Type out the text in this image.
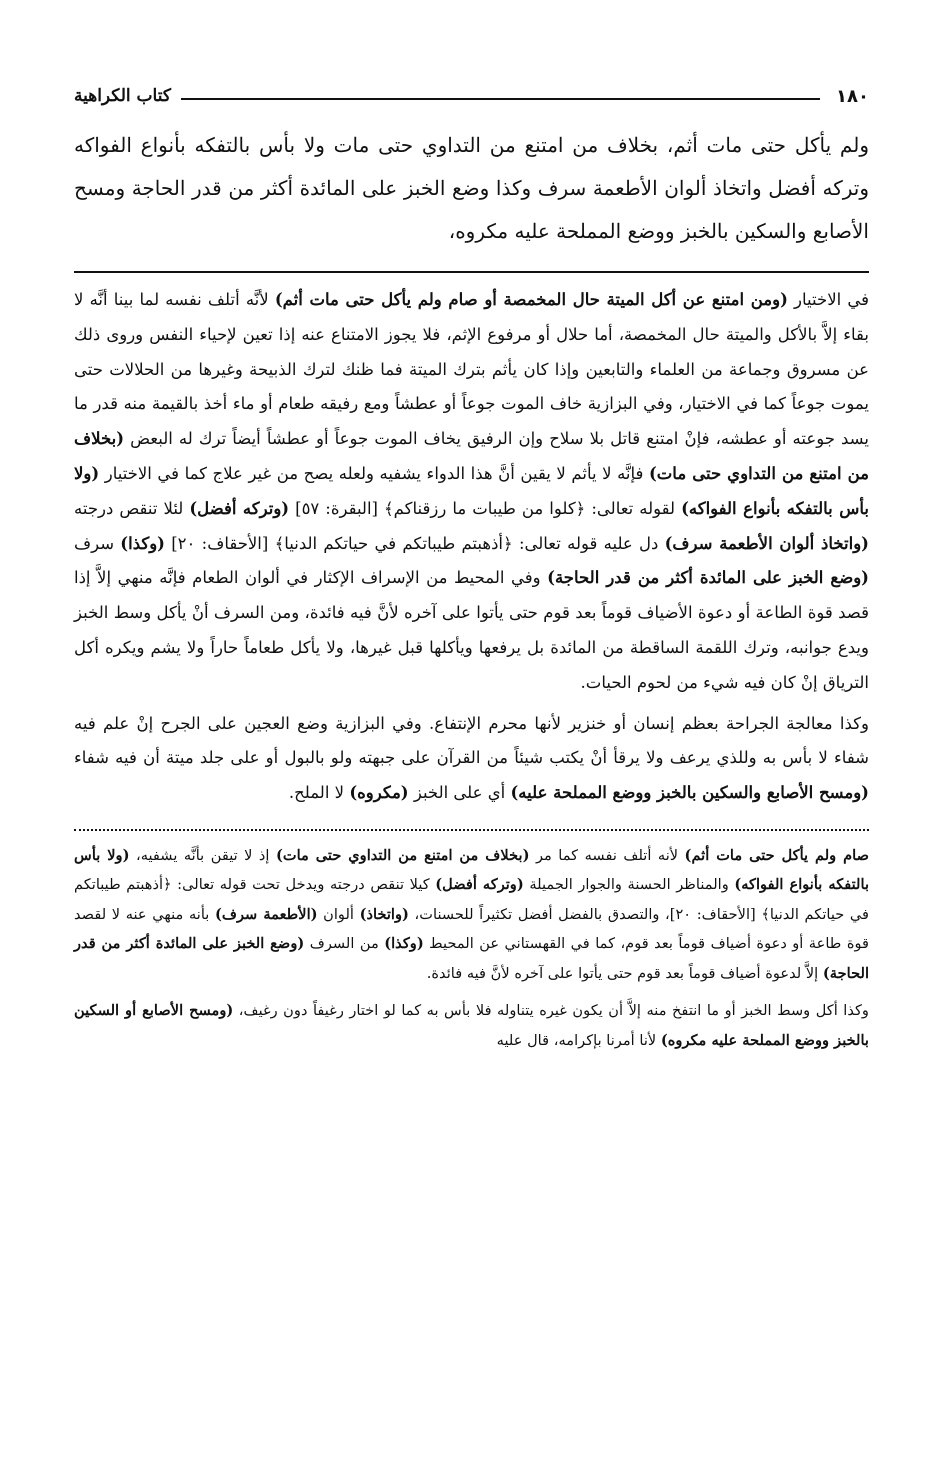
١٨٠
كتاب الكراهية

ولم يأكل حتى مات أثم، بخلاف من امتنع من التداوي حتى مات ولا بأس بالتفكه بأنواع الفواكه وتركه أفضل واتخاذ ألوان الأطعمة سرف وكذا وضع الخبز على المائدة أكثر من قدر الحاجة ومسح الأصابع والسكين بالخبز ووضع المملحة عليه مكروه،

في الاختيار (ومن امتنع عن أكل الميتة حال المخمصة أو صام ولم يأكل حتى مات أثم) لأنَّه أتلف نفسه لما بينا أنَّه لا بقاء إلاَّ بالأكل والميتة حال المخمصة، أما حلال أو مرفوع الإثم، فلا يجوز الامتناع عنه إذا تعين لإحياء النفس وروى ذلك عن مسروق وجماعة من العلماء والتابعين وإذا كان يأثم بترك الميتة فما ظنك لترك الذبيحة وغيرها من الحلالات حتى يموت جوعاً كما في الاختيار، وفي البزازية خاف الموت جوعاً أو عطشاً ومع رفيقه طعام أو ماء أخذ بالقيمة منه قدر ما يسد جوعته أو عطشه، فإنْ امتنع قاتل بلا سلاح وإن الرفيق يخاف الموت جوعاً أو عطشاً أيضاً ترك له البعض (بخلاف من امتنع من التداوي حتى مات) فإنَّه لا يأثم لا يقين أنَّ هذا الدواء يشفيه ولعله يصح من غير علاج كما في الاختيار (ولا بأس بالتفكه بأنواع الفواكه) لقوله تعالى: ﴿كلوا من طيبات ما رزقناكم﴾ [البقرة: ٥٧] (وتركه أفضل) لئلا تنقص درجته (واتخاذ ألوان الأطعمة سرف) دل عليه قوله تعالى: ﴿أذهبتم طيباتكم في حياتكم الدنيا﴾ [الأحقاف: ٢٠] (وكذا) سرف (وضع الخبز على المائدة أكثر من قدر الحاجة) وفي المحيط من الإسراف الإكثار في ألوان الطعام فإنَّه منهي إلاَّ إذا قصد قوة الطاعة أو دعوة الأضياف قوماً بعد قوم حتى يأتوا على آخره لأنَّ فيه فائدة، ومن السرف أنْ يأكل وسط الخبز ويدع جوانبه، وترك اللقمة الساقطة من المائدة بل يرفعها ويأكلها قبل غيرها، ولا يأكل طعاماً حاراً ولا يشم ويكره أكل الترياق إنْ كان فيه شيء من لحوم الحيات.

وكذا معالجة الجراحة بعظم إنسان أو خنزير لأنها محرم الإنتفاع. وفي البزازية وضع العجين على الجرح إنْ علم فيه شفاء لا بأس به وللذي يرعف ولا يرقأ أنْ يكتب شيئاً من القرآن على جبهته ولو بالبول أو على جلد ميتة أن فيه شفاء (ومسح الأصابع والسكين بالخبز ووضع المملحة عليه) أي على الخبز (مكروه) لا الملح.

صام ولم يأكل حتى مات أثم) لأنه أتلف نفسه كما مر (بخلاف من امتنع من التداوي حتى مات) إذ لا تيقن بأنَّه يشفيه، (ولا بأس بالتفكه بأنواع الفواكه) والمناظر الحسنة والجوار الجميلة (وتركه أفضل) كيلا تنقص درجته ويدخل تحت قوله تعالى: ﴿أذهبتم طيباتكم في حياتكم الدنيا﴾ [الأحقاف: ٢٠]، والتصدق بالفضل أفضل تكثيراً للحسنات، (واتخاذ) ألوان (الأطعمة سرف) بأنه منهي عنه لا لقصد قوة طاعة أو دعوة أضياف قوماً بعد قوم، كما في القهستاني عن المحيط (وكذا) من السرف (وضع الخبز على المائدة أكثر من قدر الحاجة) إلاَّ لدعوة أضياف قوماً بعد قوم حتى يأتوا على آخره لأنَّ فيه فائدة.

وكذا أكل وسط الخبز أو ما انتفخ منه إلاَّ أن يكون غيره يتناوله فلا بأس به كما لو اختار رغيفاً دون رغيف، (ومسح الأصابع أو السكين بالخبز ووضع المملحة عليه مكروه) لأنا أمرنا بإكرامه، قال عليه
